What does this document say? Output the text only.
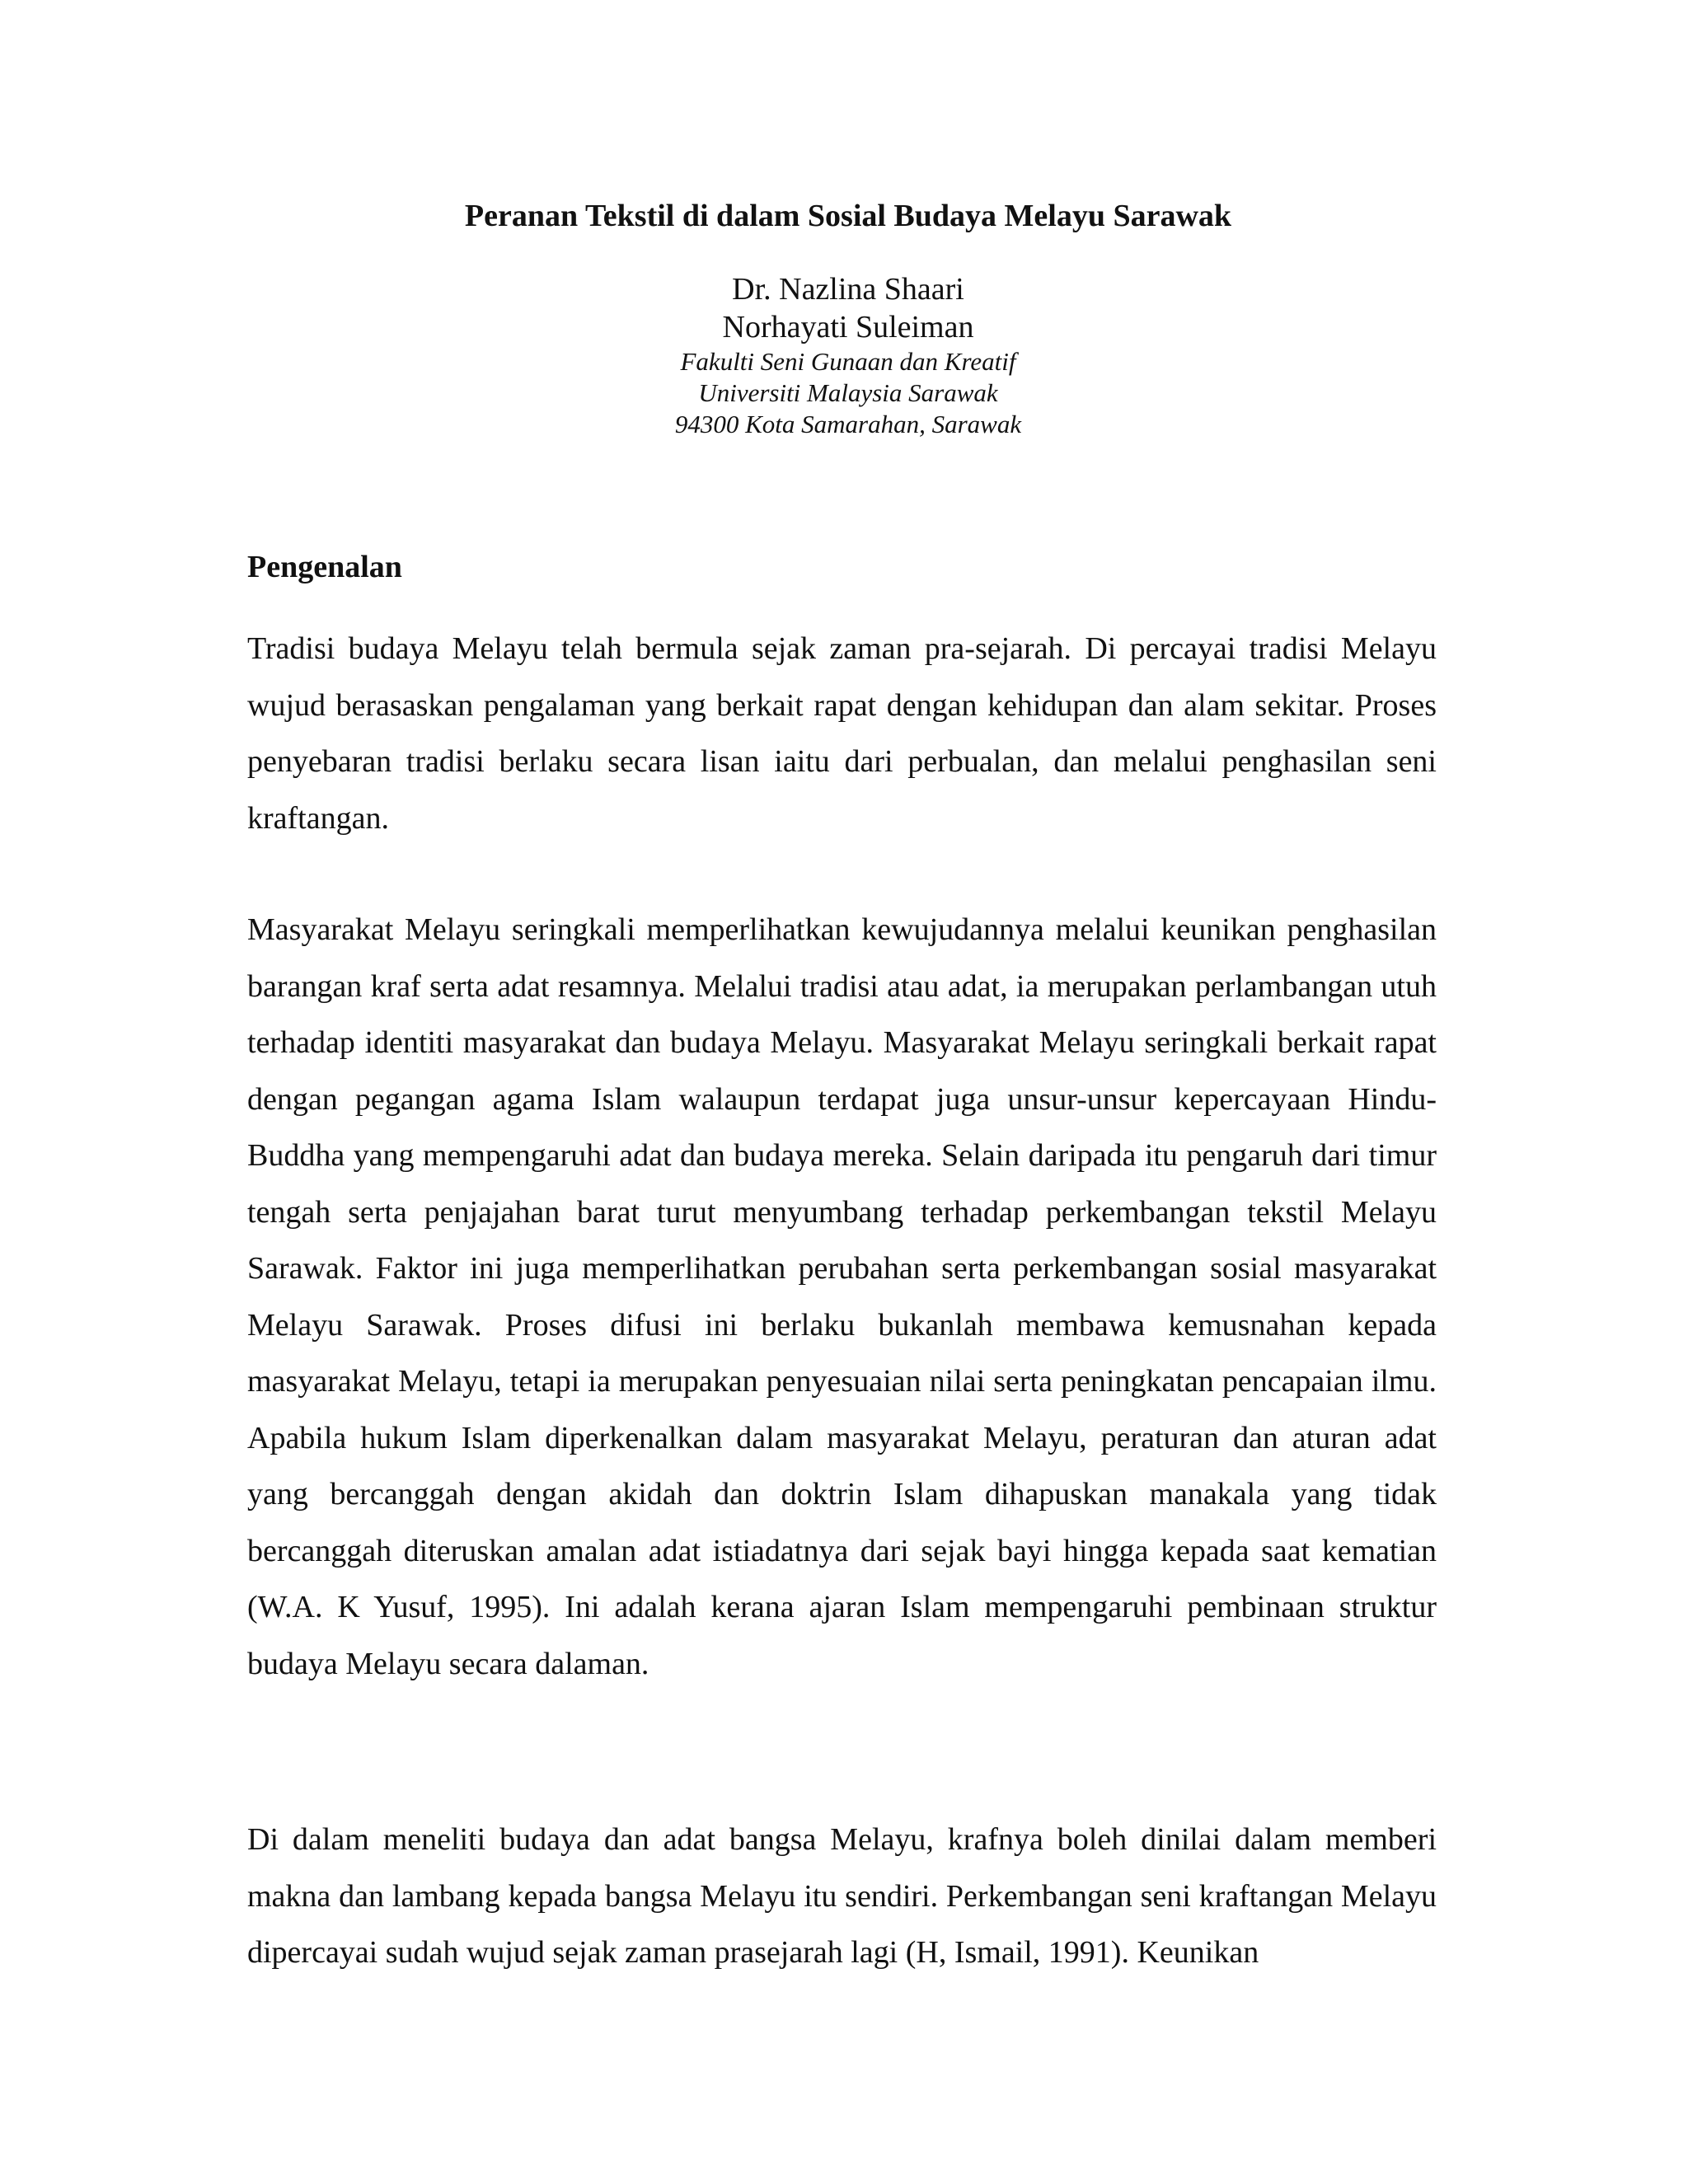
Peranan Tekstil di dalam Sosial Budaya Melayu Sarawak
Dr. Nazlina Shaari
Norhayati Suleiman
Fakulti Seni Gunaan dan Kreatif
Universiti Malaysia Sarawak
94300 Kota Samarahan, Sarawak
Pengenalan

Tradisi budaya Melayu telah bermula sejak zaman pra-sejarah. Di percayai tradisi Melayu wujud berasaskan pengalaman yang berkait rapat dengan kehidupan dan alam sekitar. Proses penyebaran tradisi berlaku secara lisan iaitu dari perbualan, dan melalui penghasilan seni kraftangan.

Masyarakat Melayu seringkali memperlihatkan kewujudannya melalui keunikan penghasilan barangan kraf serta adat resamnya. Melalui tradisi atau adat, ia merupakan perlambangan utuh terhadap identiti masyarakat dan budaya Melayu. Masyarakat Melayu seringkali berkait rapat dengan pegangan agama Islam walaupun terdapat juga unsur-unsur kepercayaan Hindu- Buddha yang mempengaruhi adat dan budaya mereka. Selain daripada itu pengaruh dari timur tengah serta penjajahan barat turut menyumbang terhadap perkembangan tekstil Melayu Sarawak. Faktor ini juga memperlihatkan perubahan serta perkembangan sosial masyarakat Melayu Sarawak. Proses difusi ini berlaku bukanlah membawa kemusnahan kepada masyarakat Melayu, tetapi ia merupakan penyesuaian nilai serta peningkatan pencapaian ilmu. Apabila hukum Islam diperkenalkan dalam masyarakat Melayu, peraturan dan aturan adat yang bercanggah dengan akidah dan doktrin Islam dihapuskan manakala yang tidak bercanggah diteruskan amalan adat istiadatnya dari sejak bayi hingga kepada saat kematian (W.A. K Yusuf, 1995). Ini adalah kerana ajaran Islam mempengaruhi pembinaan struktur budaya Melayu secara dalaman.

Di dalam meneliti budaya dan adat bangsa Melayu, krafnya boleh dinilai dalam memberi makna dan lambang kepada bangsa Melayu itu sendiri. Perkembangan seni kraftangan Melayu dipercayai sudah wujud sejak zaman prasejarah lagi (H, Ismail, 1991). Keunikan
